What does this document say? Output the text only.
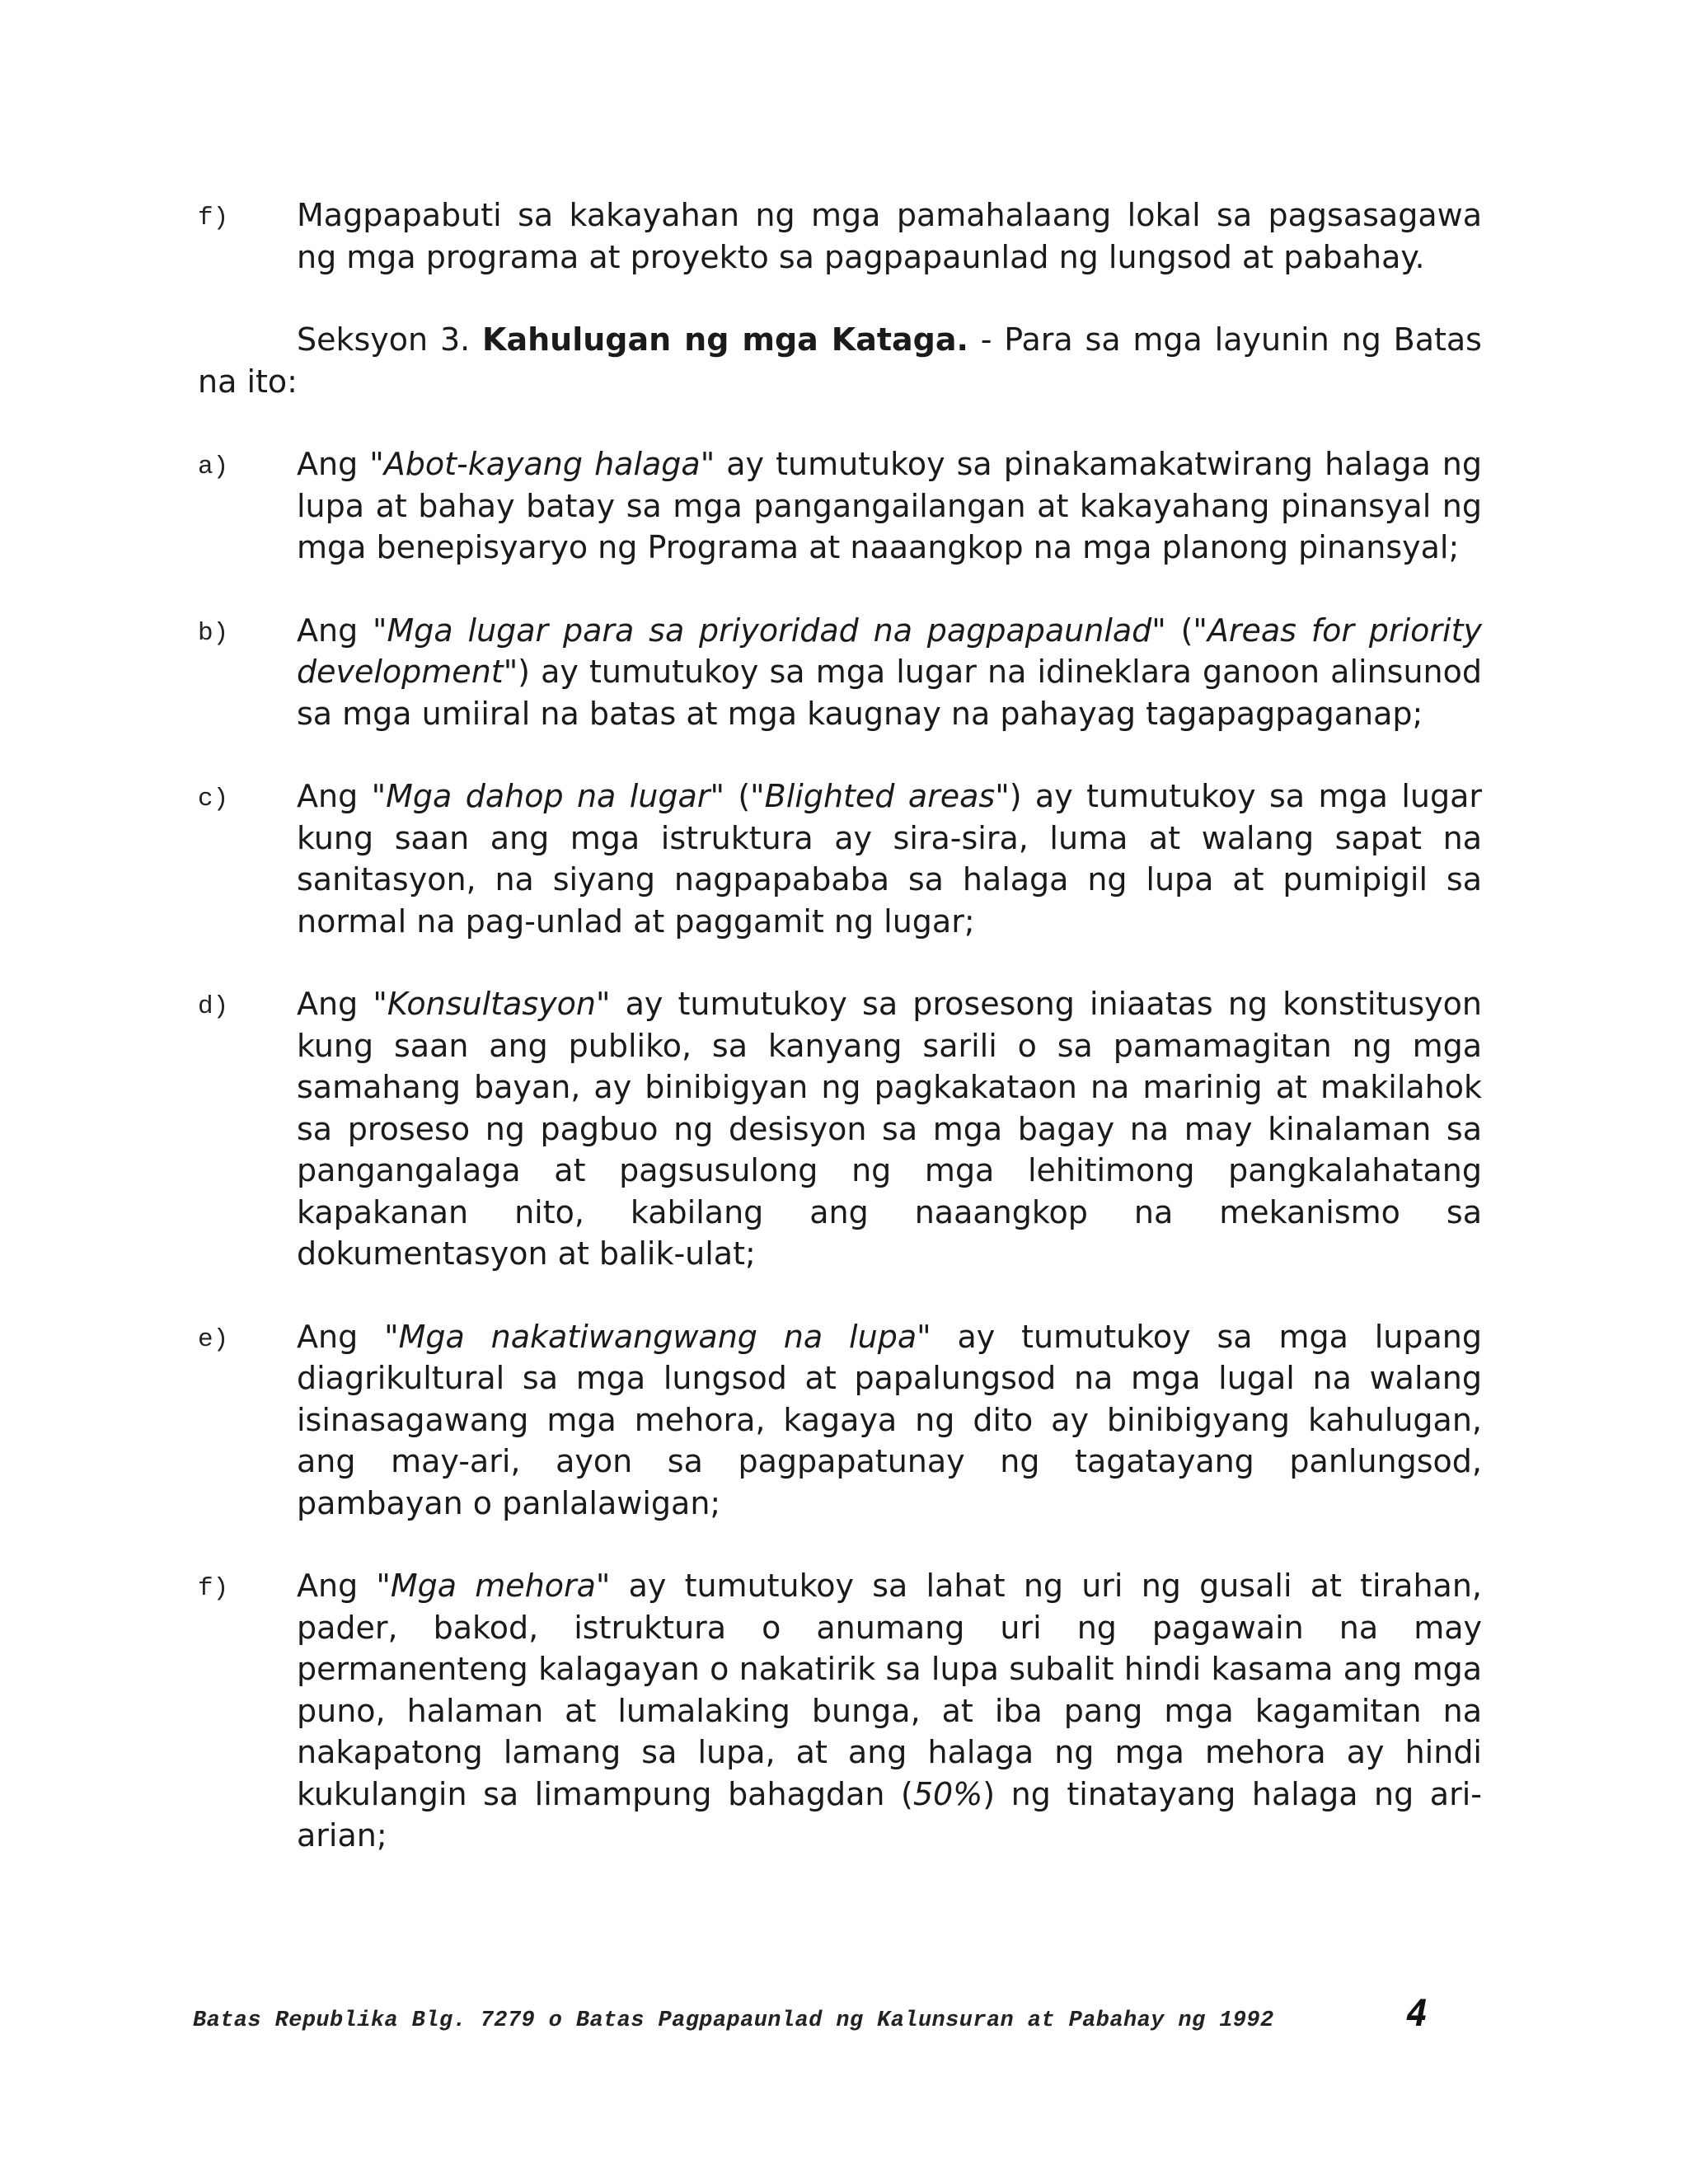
f)	Magpapabuti sa kakayahan ng mga pamahalaang lokal sa pagsasagawa ng mga programa at proyekto sa pagpapaunlad ng lungsod at pabahay.
Seksyon 3. Kahulugan ng mga Kataga. - Para sa mga layunin ng Batas na ito:
a)	Ang "Abot-kayang halaga" ay tumutukoy sa pinakamakatwirang halaga ng lupa at bahay batay sa mga pangangailangan at kakayahang pinansyal ng mga benepisyaryo ng Programa at naaangkop na mga planong pinansyal;
b)	Ang "Mga lugar para sa priyoridad na pagpapaunlad" ("Areas for priority development") ay tumutukoy sa mga lugar na idineklara ganoon alinsunod sa mga umiiral na batas at mga kaugnay na pahayag tagapagpaganap;
c)	Ang "Mga dahop na lugar" ("Blighted areas") ay tumutukoy sa mga lugar kung saan ang mga istruktura ay sira-sira, luma at walang sapat na sanitasyon, na siyang nagpapababa sa halaga ng lupa at pumipigil sa normal na pag-unlad at paggamit ng lugar;
d)	Ang "Konsultasyon" ay tumutukoy sa prosesong iniaatas ng konstitusyon kung saan ang publiko, sa kanyang sarili o sa pamamagitan ng mga samahang bayan, ay binibigyan ng pagkakataon na marinig at makilahok sa proseso ng pagbuo ng desisyon sa mga bagay na may kinalaman sa pangangalaga at pagsusulong ng mga lehitimong pangkalahatang kapakanan nito, kabilang ang naaangkop na mekanismo sa dokumentasyon at balik-ulat;
e)	Ang "Mga nakatiwangwang na lupa" ay tumutukoy sa mga lupang diagrikultural sa mga lungsod at papalungsod na mga lugal na walang isinasagawang mga mehora, kagaya ng dito ay binibigyang kahulugan, ang may-ari, ayon sa pagpapatunay ng tagatayang panlungsod, pambayan o panlalawigan;
f)	Ang "Mga mehora" ay tumutukoy sa lahat ng uri ng gusali at tirahan, pader, bakod, istruktura o anumang uri ng pagawain na may permanenteng kalagayan o nakatirik sa lupa subalit hindi kasama ang mga puno, halaman at lumalaking bunga, at iba pang mga kagamitan na nakapatong lamang sa lupa, at ang halaga ng mga mehora ay hindi kukulangin sa limampung bahagdan (50%) ng tinatayang halaga ng ari-arian;
Batas Republika Blg. 7279 o Batas Pagpapaunlad ng Kalunsuran at Pabahay ng 1992	4
